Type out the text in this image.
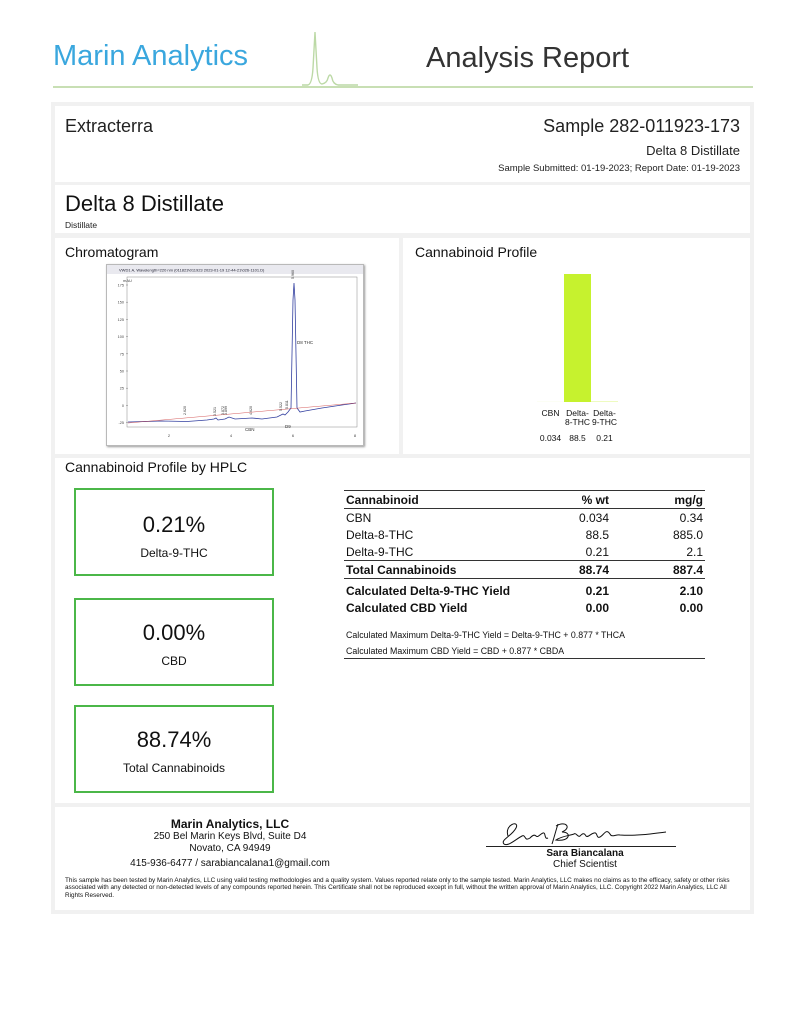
Marin Analytics	Analysis Report
Extracterra	Sample 282-011923-173
Delta 8 Distillate
Sample Submitted: 01-19-2023; Report Date: 01-19-2023
Delta 8 Distillate
Distillate
Chromatogram
VWD1 A, Wavelength=220 nm (011823\011923 2023-01-19 12-44-21\026-1101.D)
mAU
175
150
125
100
75
50
25
0
-25
2	4	6	8
2.620	3.521 3.872 3.899	4.620	5.522 5.811
5.960
D8 THC
CBN
D9
Cannabinoid Profile
CBN
0.034
Delta-
8-THC
88.5
Delta-
9-THC
0.21
Cannabinoid Profile by HPLC
0.21%
Delta-9-THC
0.00%
CBD
88.74%
Total Cannabinoids
Cannabinoid	% wt	mg/g
CBN	0.034	0.34
Delta-8-THC	88.5	885.0
Delta-9-THC	0.21	2.1
Total Cannabinoids	88.74	887.4

Calculated Delta-9-THC Yield	0.21	2.10
Calculated CBD Yield	0.00	0.00
Calculated Maximum Delta-9-THC Yield = Delta-9-THC + 0.877 * THCA
Calculated Maximum CBD Yield = CBD + 0.877 * CBDA
Marin Analytics, LLC
250 Bel Marin Keys Blvd, Suite D4
Novato, CA 94949
415-936-6477 / sarabiancalana1@gmail.com
Sara Biancalana
Chief Scientist
This sample has been tested by Marin Analytics, LLC using valid testing methodologies and a quality system. Values reported relate only to the sample tested. Marin Analytics, LLC makes no claims as to the efficacy, safety or other risks associated with any detected or non-detected levels of any compounds reported herein. This Certificate shall not be reproduced except in full, without the written approval of Marin Analytics, LLC. Copyright 2022 Marin Analytics, LLC All Rights Reserved.
